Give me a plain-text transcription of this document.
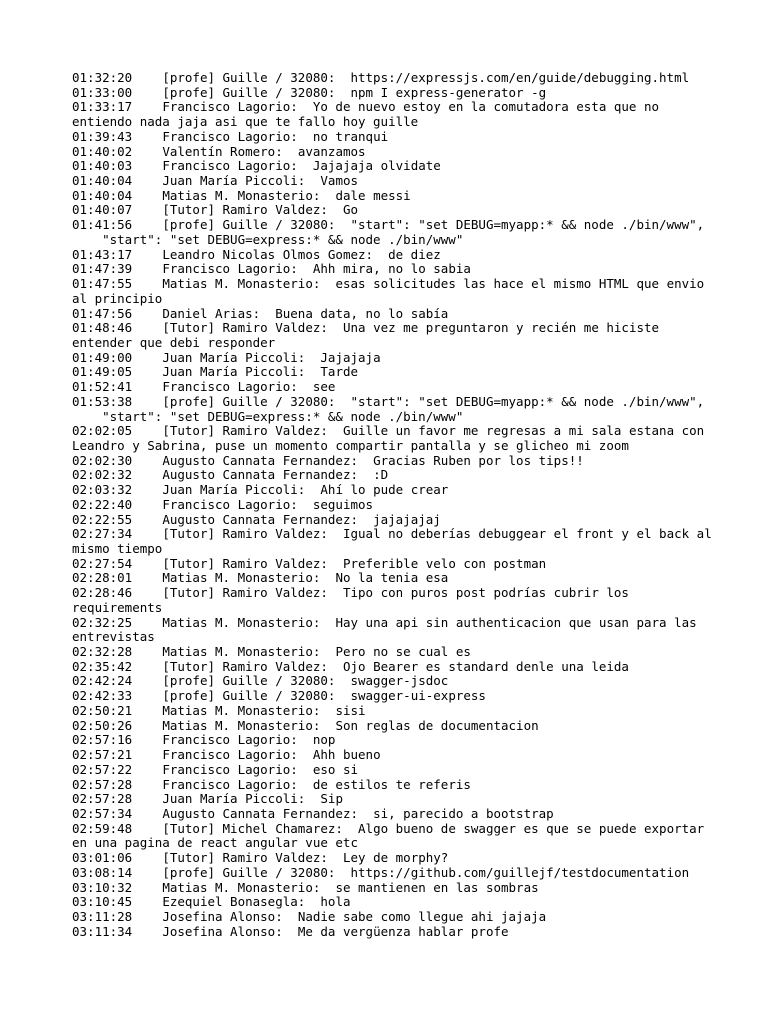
01:32:20 [profe] Guille / 32080: https://expressjs.com/en/guide/debugging.html
01:33:00 [profe] Guille / 32080: npm I express-generator -g
01:33:17 Francisco Lagorio: Yo de nuevo estoy en la comutadora esta que no entiendo nada jaja asi que te fallo hoy guille
01:39:43 Francisco Lagorio: no tranqui
01:40:02 Valentín Romero: avanzamos
01:40:03 Francisco Lagorio: Jajajaja olvidate
01:40:04 Juan María Piccoli: Vamos
01:40:04 Matias M. Monasterio: dale messi
01:40:07 [Tutor] Ramiro Valdez: Go
01:41:56 [profe] Guille / 32080: "start": "set DEBUG=myapp:* && node ./bin/www",
"start": "set DEBUG=express:* && node ./bin/www"
01:43:17 Leandro Nicolas Olmos Gomez: de diez
01:47:39 Francisco Lagorio: Ahh mira, no lo sabia
01:47:55 Matias M. Monasterio: esas solicitudes las hace el mismo HTML que envio al principio
01:47:56 Daniel Arias: Buena data, no lo sabía
01:48:46 [Tutor] Ramiro Valdez: Una vez me preguntaron y recién me hiciste entender que debi responder
01:49:00 Juan María Piccoli: Jajajaja
01:49:05 Juan María Piccoli: Tarde
01:52:41 Francisco Lagorio: see
01:53:38 [profe] Guille / 32080: "start": "set DEBUG=myapp:* && node ./bin/www",
"start": "set DEBUG=express:* && node ./bin/www"
02:02:05 [Tutor] Ramiro Valdez: Guille un favor me regresas a mi sala estana con Leandro y Sabrina, puse un momento compartir pantalla y se glicheo mi zoom
02:02:30 Augusto Cannata Fernandez: Gracias Ruben por los tips!!
02:02:32 Augusto Cannata Fernandez: :D
02:03:32 Juan María Piccoli: Ahí lo pude crear
02:22:40 Francisco Lagorio: seguimos
02:22:55 Augusto Cannata Fernandez: jajajajaj
02:27:34 [Tutor] Ramiro Valdez: Igual no deberías debuggear el front y el back al mismo tiempo
02:27:54 [Tutor] Ramiro Valdez: Preferible velo con postman
02:28:01 Matias M. Monasterio: No la tenia esa
02:28:46 [Tutor] Ramiro Valdez: Tipo con puros post podrías cubrir los requirements
02:32:25 Matias M. Monasterio: Hay una api sin authenticacion que usan para las entrevistas
02:32:28 Matias M. Monasterio: Pero no se cual es
02:35:42 [Tutor] Ramiro Valdez: Ojo Bearer es standard denle una leida
02:42:24 [profe] Guille / 32080: swagger-jsdoc
02:42:33 [profe] Guille / 32080: swagger-ui-express
02:50:21 Matias M. Monasterio: sisi
02:50:26 Matias M. Monasterio: Son reglas de documentacion
02:57:16 Francisco Lagorio: nop
02:57:21 Francisco Lagorio: Ahh bueno
02:57:22 Francisco Lagorio: eso si
02:57:28 Francisco Lagorio: de estilos te referis
02:57:28 Juan María Piccoli: Sip
02:57:34 Augusto Cannata Fernandez: si, parecido a bootstrap
02:59:48 [Tutor] Michel Chamarez: Algo bueno de swagger es que se puede exportar en una pagina de react angular vue etc
03:01:06 [Tutor] Ramiro Valdez: Ley de morphy?
03:08:14 [profe] Guille / 32080: https://github.com/guillejf/testdocumentation
03:10:32 Matias M. Monasterio: se mantienen en las sombras
03:10:45 Ezequiel Bonasegla: hola
03:11:28 Josefina Alonso: Nadie sabe como llegue ahi jajaja
03:11:34 Josefina Alonso: Me da vergüenza hablar profe
